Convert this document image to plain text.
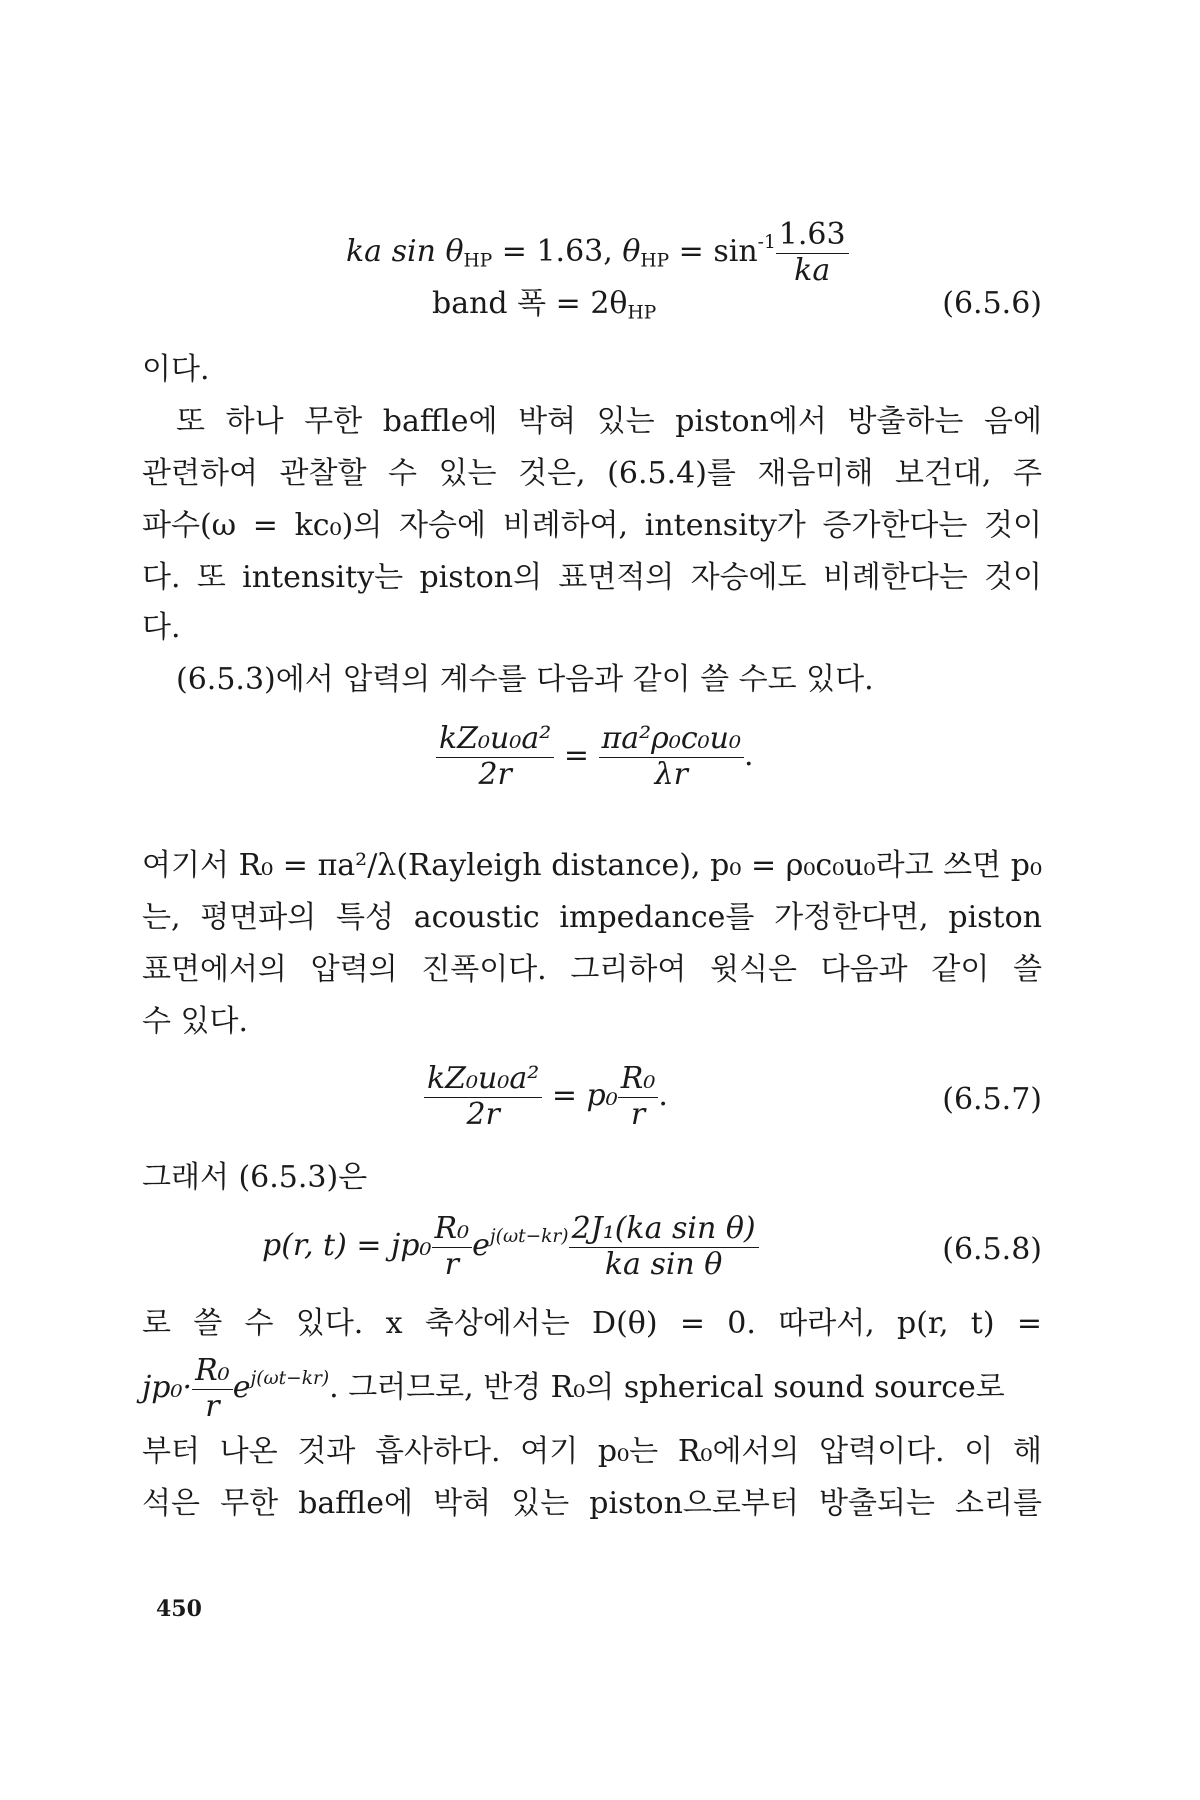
ka $\sin \theta_{HP} = 1.63$, $\theta_{HP} = \sin^{-1} \frac{1.63}{ka}$
band 폭 = $2\theta_{HP}$	(6.5.6)
이다.
또 하나 무한 baffle에 박혀 있는 piston에서 방출하는 음에
관련하여 관찰할 수 있는 것은, (6.5.4)를 재음미해 보건대, 주
파수(ω = kc₀)의 자승에 비례하여, intensity가 증가한다는 것이
다. 또 intensity는 piston의 표면적의 자승에도 비례한다는 것이
다.
(6.5.3)에서 압력의 계수를 다음과 같이 쓸 수도 있다.
$\frac{\text{kZ₀u₀a²}}{2r} = \frac{\text{πa²ρ₀c₀u₀}}{\lambda r}$ .
여기서 R₀ = πa²/λ(Rayleigh distance), p₀ = ρ₀c₀u₀라고 쓰면 p₀
는, 평면파의 특성 acoustic impedance를 가정한다면, piston
표면에서의 압력의 진폭이다. 그리하여 윗식은 다음과 같이 쓸
수 있다.
$\frac{\text{kZ₀u₀a²}}{2r} = p_0 \frac{\text{R₀}}{r}$ .	(6.5.7)
그래서 (6.5.3)은
p(r, $t) = jp_0 \frac{\text{R₀}}{r} e^{j(\omega t-kr)} \frac{\text{2J₁(ka sin θ)}}{\text{ka sin θ}}$	(6.5.8)
로 쓸 수 있다. x 축상에서는 D(θ) = 0. 따라서, p(r, t) =
$jp_0\cdot \frac{\text{R₀}}{r} e^{j(\omega t-kr)}$. 그러므로, 반경 R₀의 spherical sound source로
부터 나온 것과 흡사하다. 여기 p₀는 R₀에서의 압력이다. 이 해
석은 무한 baffle에 박혀 있는 piston으로부터 방출되는 소리를
450
